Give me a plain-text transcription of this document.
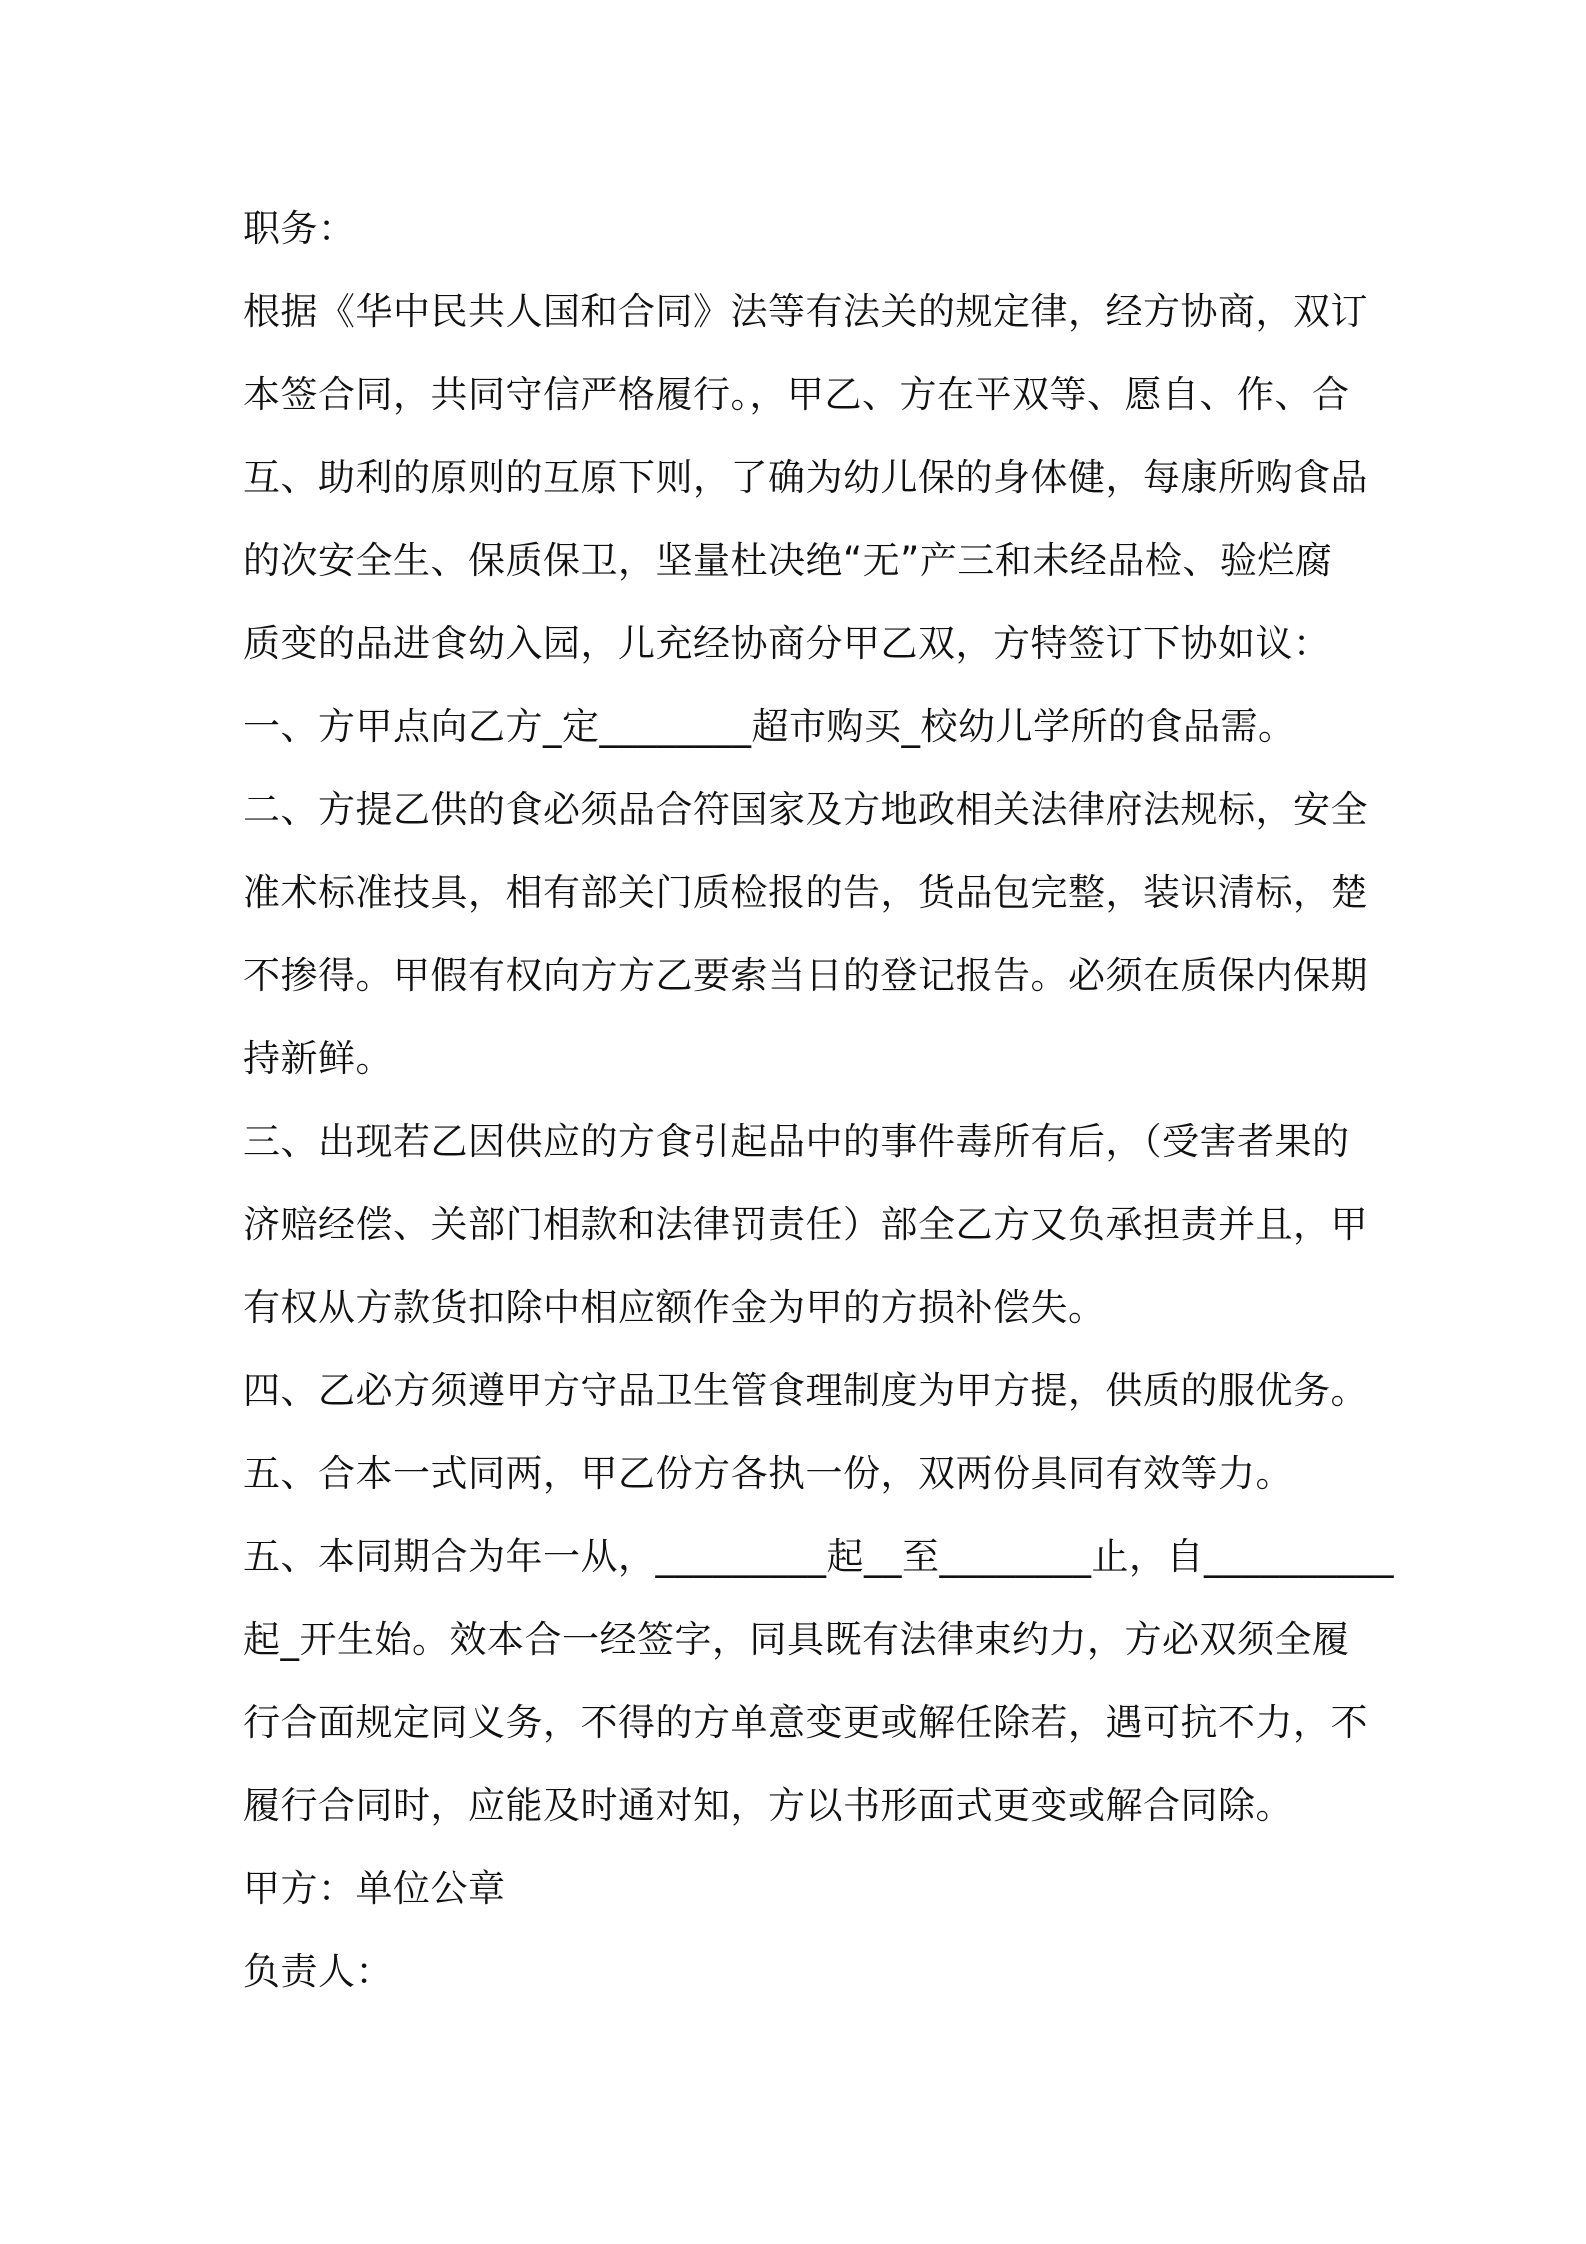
职务：
根据《华中民共人国和合同》法等有法关的规定律，经方协商，双订
本签合同，共同守信严格履行。，甲乙、方在平双等、愿自、作、合
互、助利的原则的互原下则，了确为幼儿保的身体健，每康所购食品
的次安全生、保质保卫，坚量杜决绝“无”产三和未经品检、验烂腐
质变的品进食幼入园，儿充经协商分甲乙双，方特签订下协如议：
一、方甲点向乙方_定________超市购买_校幼儿学所的食品需。
二、方提乙供的食必须品合符国家及方地政相关法律府法规标，安全
准术标准技具，相有部关门质检报的告，货品包完整，装识清标，楚
不掺得。甲假有权向方方乙要索当日的登记报告。必须在质保内保期
持新鲜。
三、出现若乙因供应的方食引起品中的事件毒所有后，（受害者果的
济赔经偿、关部门相款和法律罚责任）部全乙方又负承担责并且，甲
有权从方款货扣除中相应额作金为甲的方损补偿失。
四、乙必方须遵甲方守品卫生管食理制度为甲方提，供质的服优务。
五、合本一式同两，甲乙份方各执一份，双两份具同有效等力。
五、本同期合为年一从，_________起__至________止，自__________
起_开生始。效本合一经签字，同具既有法律束约力，方必双须全履
行合面规定同义务，不得的方单意变更或解任除若，遇可抗不力，不
履行合同时，应能及时通对知，方以书形面式更变或解合同除。
甲方：单位公章
负责人：
